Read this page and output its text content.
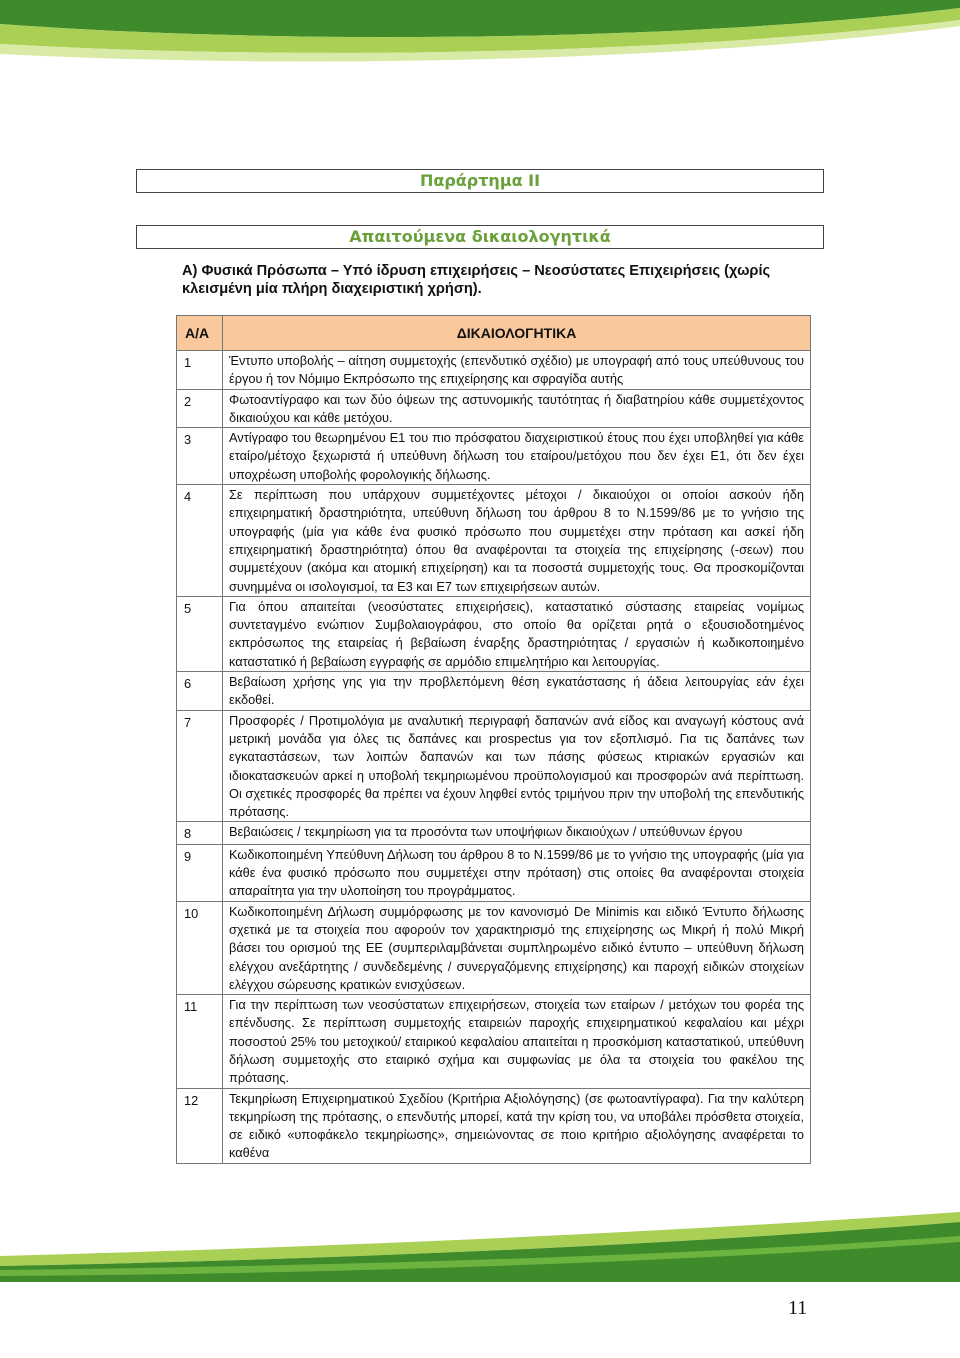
Παράρτημα ΙΙ
Απαιτούμενα δικαιολογητικά
Α) Φυσικά Πρόσωπα – Υπό ίδρυση επιχειρήσεις – Νεοσύστατες Επιχειρήσεις (χωρίς κλεισμένη μία πλήρη διαχειριστική χρήση).
Α/Α	ΔΙΚΑΙΟΛΟΓΗΤΙΚΑ
1	Έντυπο υποβολής – αίτηση συμμετοχής (επενδυτικό σχέδιο) με υπογραφή από τους υπεύθυνους του έργου ή τον Νόμιμο Εκπρόσωπο της επιχείρησης και σφραγίδα αυτής
2	Φωτοαντίγραφο και των δύο όψεων της αστυνομικής ταυτότητας ή διαβατηρίου κάθε συμμετέχοντος δικαιούχου και κάθε μετόχου.
3	Αντίγραφο του θεωρημένου Ε1 του πιο πρόσφατου διαχειριστικού έτους που έχει υποβληθεί για κάθε εταίρο/μέτοχο ξεχωριστά ή υπεύθυνη δήλωση του εταίρου/μετόχου που δεν έχει Ε1, ότι δεν έχει υποχρέωση υποβολής φορολογικής δήλωσης.
4	Σε περίπτωση που υπάρχουν συμμετέχοντες μέτοχοι / δικαιούχοι οι οποίοι ασκούν ήδη επιχειρηματική δραστηριότητα, υπεύθυνη δήλωση του άρθρου 8 το Ν.1599/86 με το γνήσιο της υπογραφής (μία για κάθε ένα φυσικό πρόσωπο που συμμετέχει στην πρόταση και ασκεί ήδη επιχειρηματική δραστηριότητα) όπου θα αναφέρονται τα στοιχεία της επιχείρησης (-σεων) που συμμετέχουν (ακόμα και ατομική επιχείρηση) και τα ποσοστά συμμετοχής τους. Θα προσκομίζονται συνημμένα οι ισολογισμοί, τα Ε3 και Ε7 των επιχειρήσεων αυτών.
5	Για όπου απαιτείται (νεοσύστατες επιχειρήσεις), καταστατικό σύστασης εταιρείας νομίμως συντεταγμένο ενώπιον Συμβολαιογράφου, στο οποίο θα ορίζεται ρητά ο εξουσιοδοτημένος εκπρόσωπος της εταιρείας ή βεβαίωση έναρξης δραστηριότητας / εργασιών ή κωδικοποιημένο καταστατικό ή βεβαίωση εγγραφής σε αρμόδιο επιμελητήριο και λειτουργίας.
6	Βεβαίωση χρήσης γης για την προβλεπόμενη θέση εγκατάστασης ή άδεια λειτουργίας εάν έχει εκδοθεί.
7	Προσφορές / Προτιμολόγια με αναλυτική περιγραφή δαπανών ανά είδος και αναγωγή κόστους ανά μετρική μονάδα για όλες τις δαπάνες και prospectus για τον εξοπλισμό. Για τις δαπάνες των εγκαταστάσεων, των λοιπών δαπανών και των πάσης φύσεως κτιριακών εργασιών και ιδιοκατασκευών αρκεί η υποβολή τεκμηριωμένου προϋπολογισμού και προσφορών ανά περίπτωση. Οι σχετικές προσφορές θα πρέπει να έχουν ληφθεί εντός τριμήνου πριν την υποβολή της επενδυτικής πρότασης.
8	Βεβαιώσεις / τεκμηρίωση για τα προσόντα των υποψήφιων δικαιούχων / υπεύθυνων έργου
9	Κωδικοποιημένη Υπεύθυνη Δήλωση του άρθρου 8 το Ν.1599/86 με το γνήσιο της υπογραφής (μία για κάθε ένα φυσικό πρόσωπο που συμμετέχει στην πρόταση) στις οποίες θα αναφέρονται στοιχεία απαραίτητα για την υλοποίηση του προγράμματος.
10	Κωδικοποιημένη Δήλωση συμμόρφωσης με τον κανονισμό De Minimis και ειδικό Έντυπο δήλωσης σχετικά με τα στοιχεία που αφορούν τον χαρακτηρισμό της επιχείρησης ως Μικρή ή πολύ Μικρή βάσει του ορισμού της ΕΕ (συμπεριλαμβάνεται συμπληρωμένο ειδικό έντυπο – υπεύθυνη δήλωση ελέγχου ανεξάρτητης / συνδεδεμένης / συνεργαζόμενης επιχείρησης) και παροχή ειδικών στοιχείων ελέγχου σώρευσης κρατικών ενισχύσεων.
11	Για την περίπτωση των νεοσύστατων επιχειρήσεων, στοιχεία των εταίρων / μετόχων του φορέα της επένδυσης. Σε περίπτωση συμμετοχής εταιρειών παροχής επιχειρηματικού κεφαλαίου και μέχρι ποσοστού 25% του μετοχικού/ εταιρικού κεφαλαίου απαιτείται η προσκόμιση καταστατικού, υπεύθυνη δήλωση συμμετοχής στο εταιρικό σχήμα και συμφωνίας με όλα τα στοιχεία του φακέλου της πρότασης.
12	Τεκμηρίωση Επιχειρηματικού Σχεδίου (Κριτήρια Αξιολόγησης) (σε φωτοαντίγραφα). Για την καλύτερη τεκμηρίωση της πρότασης, ο επενδυτής μπορεί, κατά την κρίση του, να υποβάλει πρόσθετα στοιχεία, σε ειδικό «υποφάκελο τεκμηρίωσης», σημειώνοντας σε ποιο κριτήριο αξιολόγησης αναφέρεται το καθένα
11
